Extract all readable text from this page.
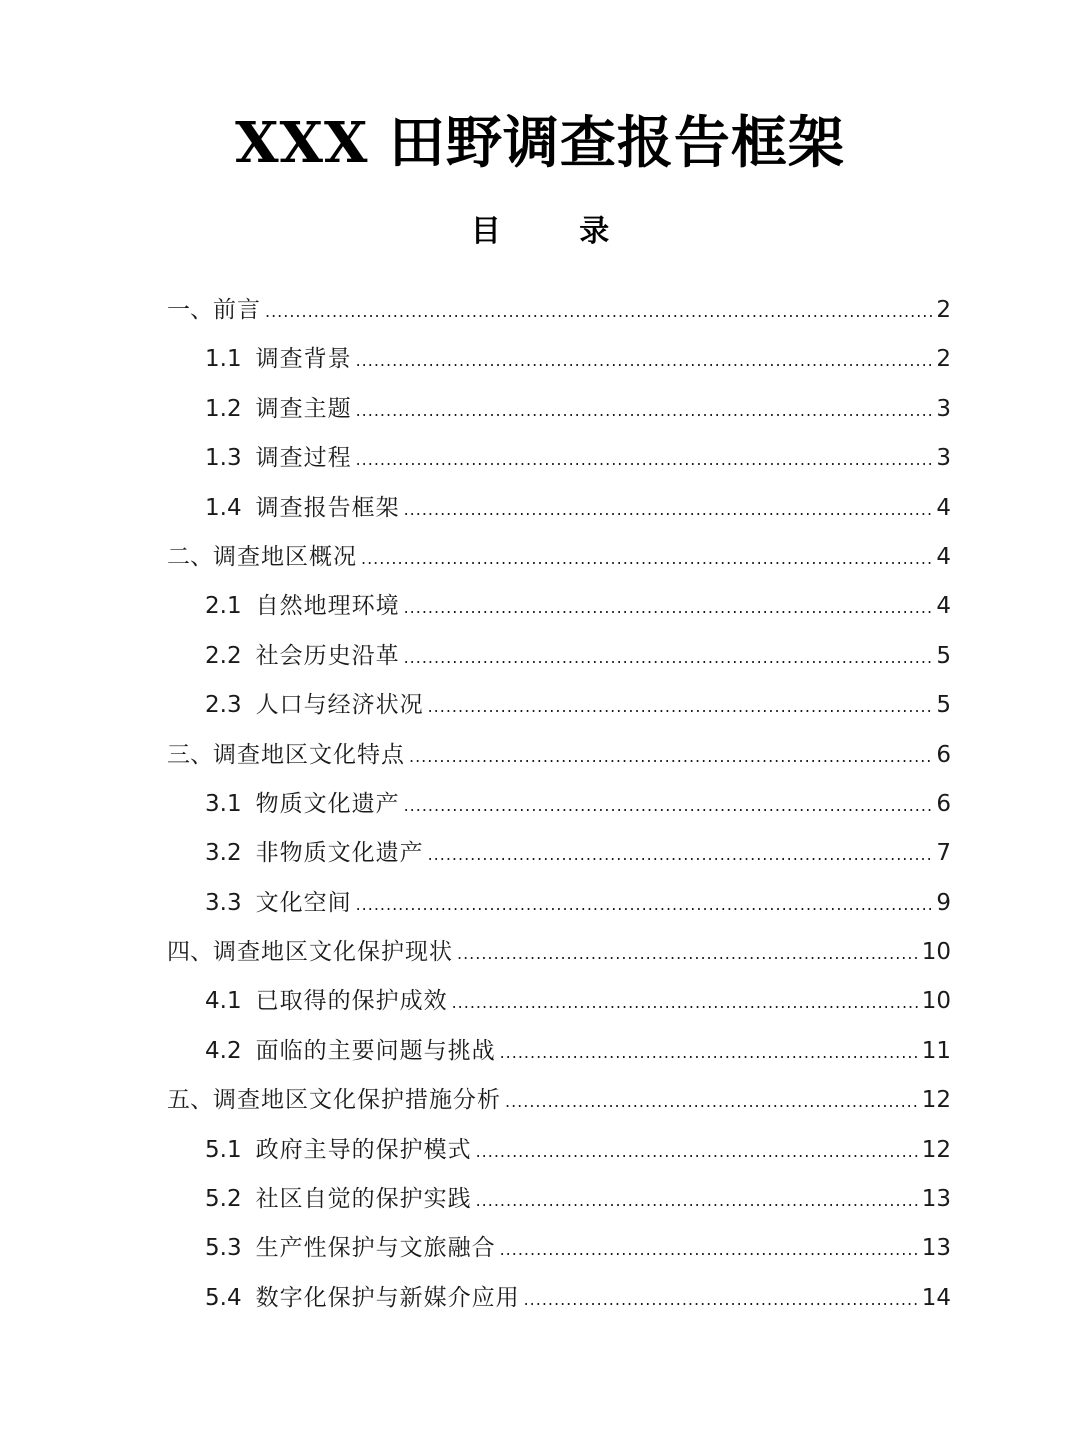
XXX 田野调查报告框架
目 录
一、 前言 .....	2
1.1 调查背景 .....	2
1.2 调查主题 .....	3
1.3 调查过程 .....	3
1.4 调查报告框架 .....	4
二、 调查地区概况 .....	4
2.1 自然地理环境 .....	4
2.2 社会历史沿革 .....	5
2.3 人口与经济状况 .....	5
三、 调查地区文化特点 .....	6
3.1 物质文化遗产 .....	6
3.2 非物质文化遗产 .....	7
3.3 文化空间 .....	9
四、 调查地区文化保护现状 .....	10
4.1 已取得的保护成效 .....	10
4.2 面临的主要问题与挑战 .....	11
五、 调查地区文化保护措施分析 .....	12
5.1 政府主导的保护模式 .....	12
5.2 社区自觉的保护实践 .....	13
5.3 生产性保护与文旅融合 .....	13
5.4 数字化保护与新媒介应用 .....	14
